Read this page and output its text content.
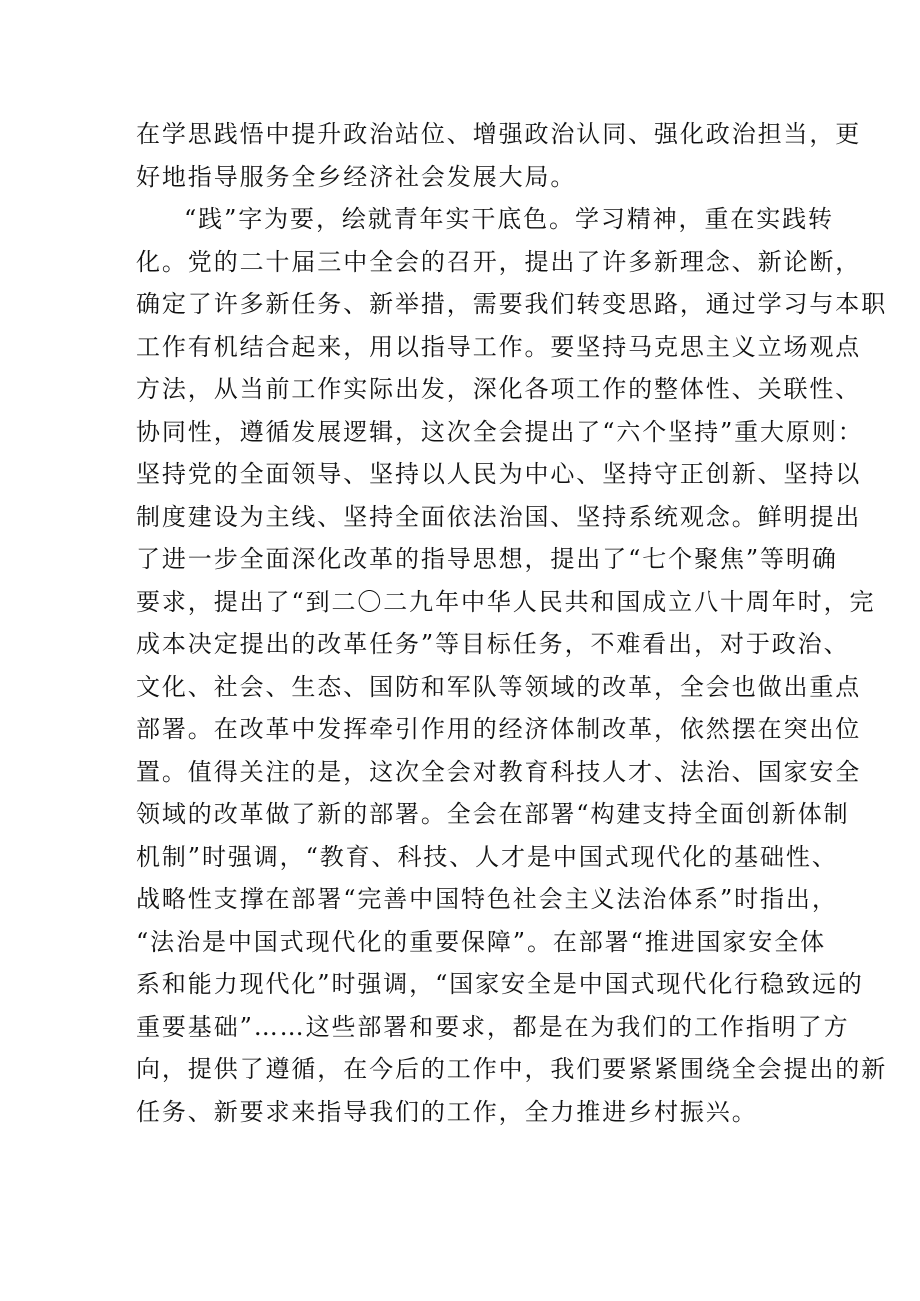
在学思践悟中提升政治站位、增强政治认同、强化政治担当，更
好地指导服务全乡经济社会发展大局。
“践”字为要，绘就青年实干底色。学习精神，重在实践转
化。党的二十届三中全会的召开，提出了许多新理念、新论断，
确定了许多新任务、新举措，需要我们转变思路，通过学习与本职
工作有机结合起来，用以指导工作。要坚持马克思主义立场观点
方法，从当前工作实际出发，深化各项工作的整体性、关联性、
协同性，遵循发展逻辑，这次全会提出了“六个坚持”重大原则：
坚持党的全面领导、坚持以人民为中心、坚持守正创新、坚持以
制度建设为主线、坚持全面依法治国、坚持系统观念。鲜明提出
了进一步全面深化改革的指导思想，提出了“七个聚焦”等明确
要求，提出了“到二〇二九年中华人民共和国成立八十周年时，完
成本决定提出的改革任务”等目标任务，不难看出，对于政治、
文化、社会、生态、国防和军队等领域的改革，全会也做出重点
部署。在改革中发挥牵引作用的经济体制改革，依然摆在突出位
置。值得关注的是，这次全会对教育科技人才、法治、国家安全
领域的改革做了新的部署。全会在部署“构建支持全面创新体制
机制”时强调，“教育、科技、人才是中国式现代化的基础性、
战略性支撑在部署“完善中国特色社会主义法治体系”时指出，
“法治是中国式现代化的重要保障”。在部署“推进国家安全体
系和能力现代化”时强调，“国家安全是中国式现代化行稳致远的
重要基础”……这些部署和要求，都是在为我们的工作指明了方
向，提供了遵循，在今后的工作中，我们要紧紧围绕全会提出的新
任务、新要求来指导我们的工作，全力推进乡村振兴。
